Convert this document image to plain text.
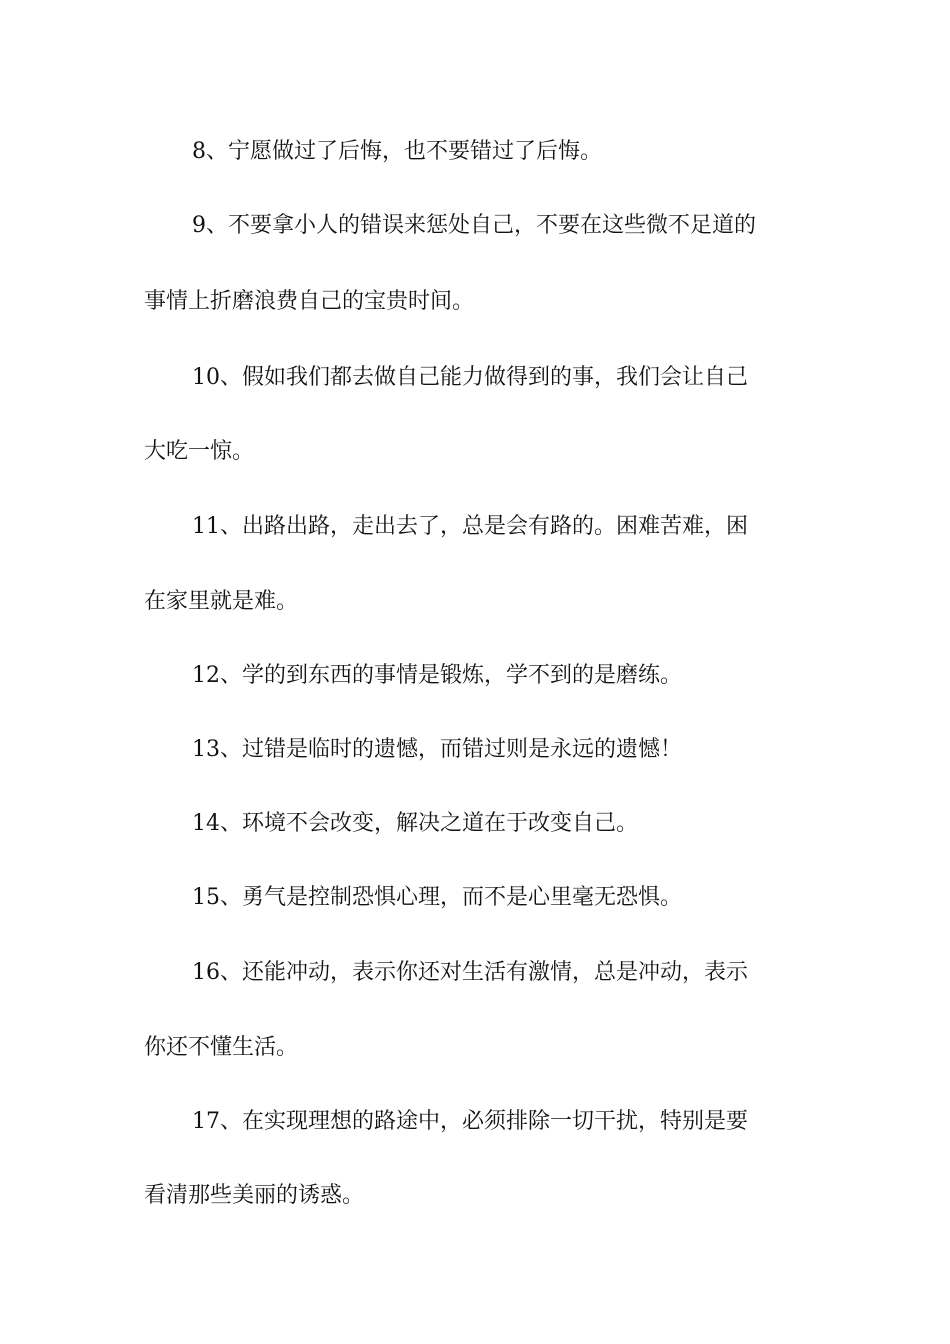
8、宁愿做过了后悔，也不要错过了后悔。
9、不要拿小人的错误来惩处自己，不要在这些微不足道的
事情上折磨浪费自己的宝贵时间。
10、假如我们都去做自己能力做得到的事，我们会让自己
大吃一惊。
11、出路出路，走出去了，总是会有路的。困难苦难，困
在家里就是难。
12、学的到东西的事情是锻炼，学不到的是磨练。
13、过错是临时的遗憾，而错过则是永远的遗憾！
14、环境不会改变，解决之道在于改变自己。
15、勇气是控制恐惧心理，而不是心里毫无恐惧。
16、还能冲动，表示你还对生活有激情，总是冲动，表示
你还不懂生活。
17、在实现理想的路途中，必须排除一切干扰，特别是要
看清那些美丽的诱惑。
